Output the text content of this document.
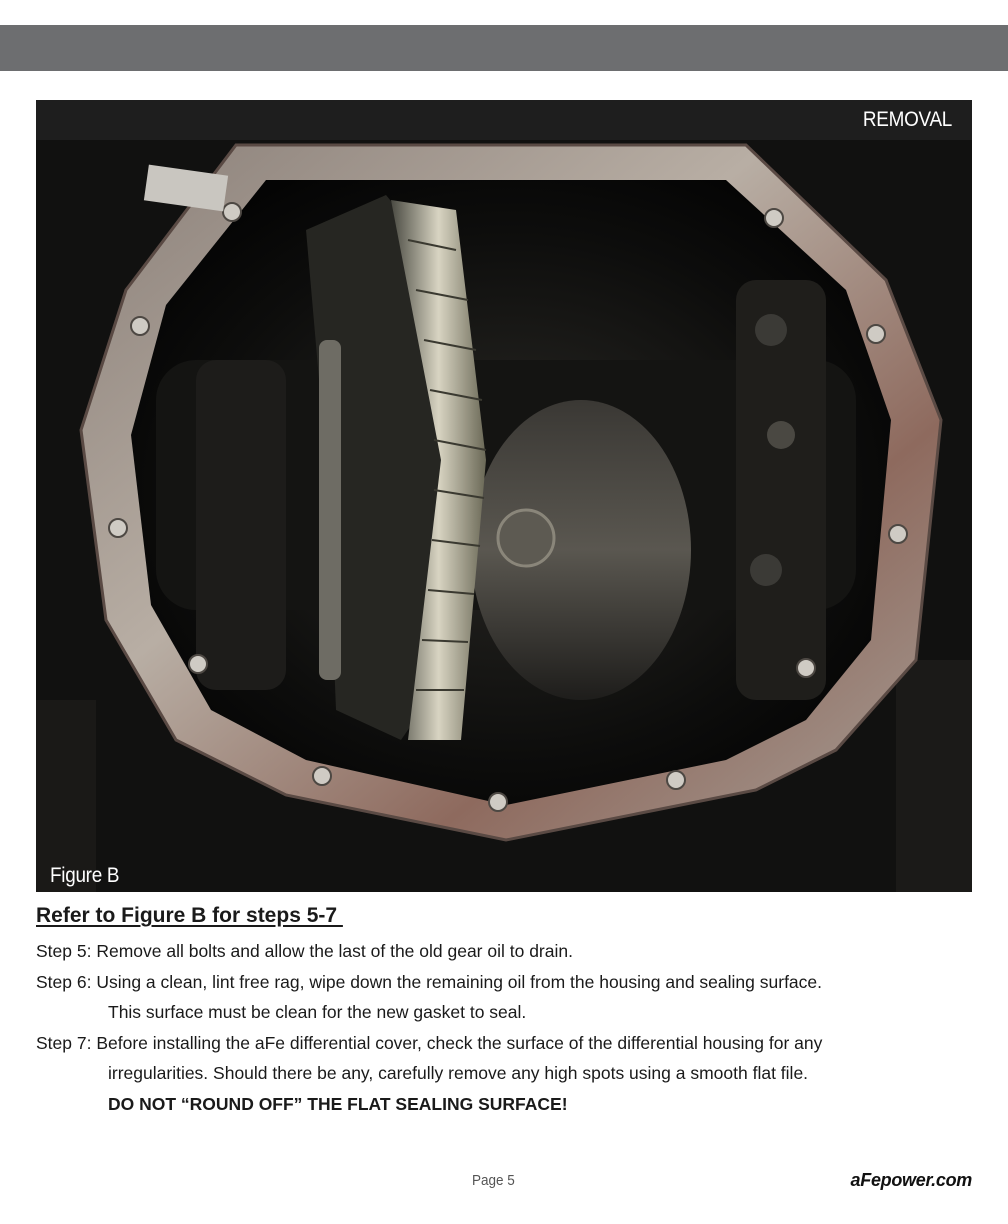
REMOVAL
Figure B
Refer to Figure B for steps 5-7
Step 5: Remove all bolts and allow the last of the old gear oil to drain.
Step 6: Using a clean, lint free rag, wipe down the remaining oil from the housing and sealing surface.
This surface must be clean for the new gasket to seal.
Step 7: Before installing the aFe differential cover, check the surface of the differential housing for any
irregularities. Should there be any, carefully remove any high spots using a smooth flat file.
DO NOT “ROUND OFF” THE FLAT SEALING SURFACE!
Page 5	aFepower.com
